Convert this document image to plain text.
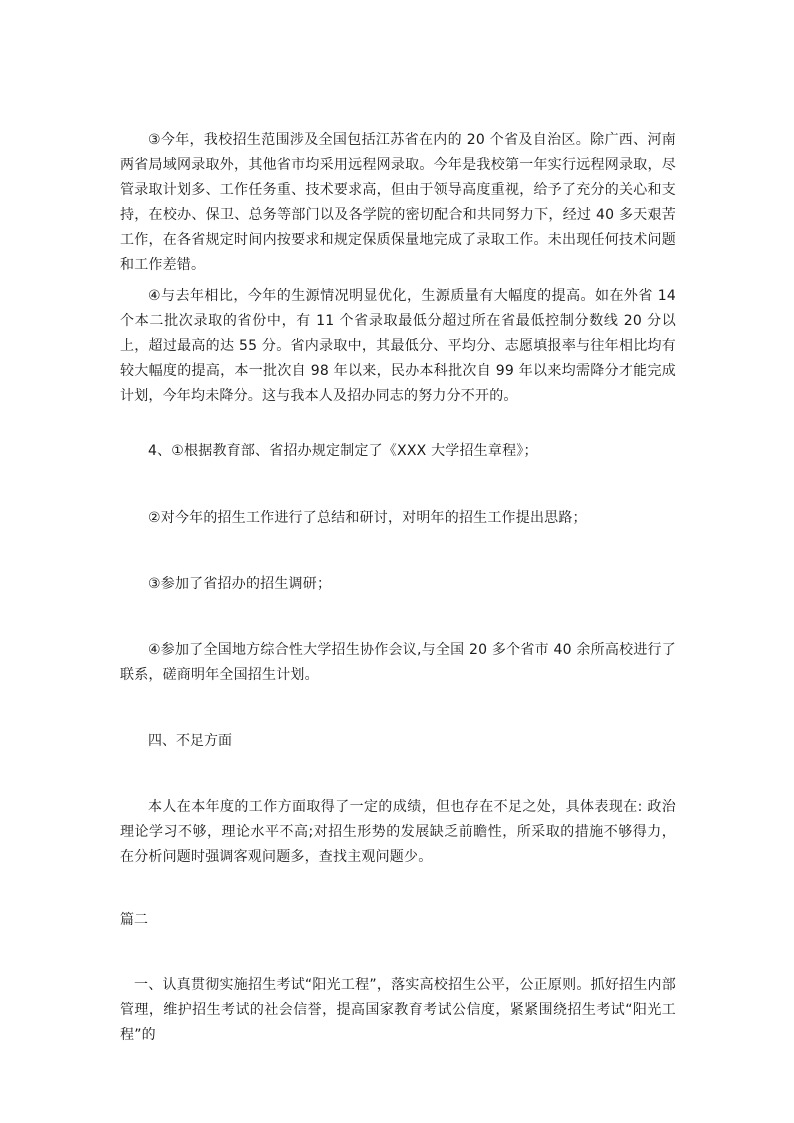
③今年，我校招生范围涉及全国包括江苏省在内的 20 个省及自治区。除广西、河南两省局域网录取外，其他省市均采用远程网录取。今年是我校第一年实行远程网录取，尽管录取计划多、工作任务重、技术要求高，但由于领导高度重视，给予了充分的关心和支持，在校办、保卫、总务等部门以及各学院的密切配合和共同努力下，经过 40 多天艰苦工作，在各省规定时间内按要求和规定保质保量地完成了录取工作。未出现任何技术问题和工作差错。

④与去年相比，今年的生源情况明显优化，生源质量有大幅度的提高。如在外省 14 个本二批次录取的省份中，有 11 个省录取最低分超过所在省最低控制分数线 20 分以上，超过最高的达 55 分。省内录取中，其最低分、平均分、志愿填报率与往年相比均有较大幅度的提高，本一批次自 98 年以来，民办本科批次自 99 年以来均需降分才能完成计划，今年均未降分。这与我本人及招办同志的努力分不开的。

4、①根据教育部、省招办规定制定了《XXX 大学招生章程》；

②对今年的招生工作进行了总结和研讨，对明年的招生工作提出思路；

③参加了省招办的招生调研；

④参加了全国地方综合性大学招生协作会议,与全国 20 多个省市 40 余所高校进行了联系，磋商明年全国招生计划。

四、不足方面

本人在本年度的工作方面取得了一定的成绩，但也存在不足之处，具体表现在: 政治理论学习不够，理论水平不高;对招生形势的发展缺乏前瞻性，所采取的措施不够得力，在分析问题时强调客观问题多，查找主观问题少。

篇二

一、认真贯彻实施招生考试“阳光工程”，落实高校招生公平，公正原则。抓好招生内部管理，维护招生考试的社会信誉，提高国家教育考试公信度，紧紧围绕招生考试“阳光工程”的
